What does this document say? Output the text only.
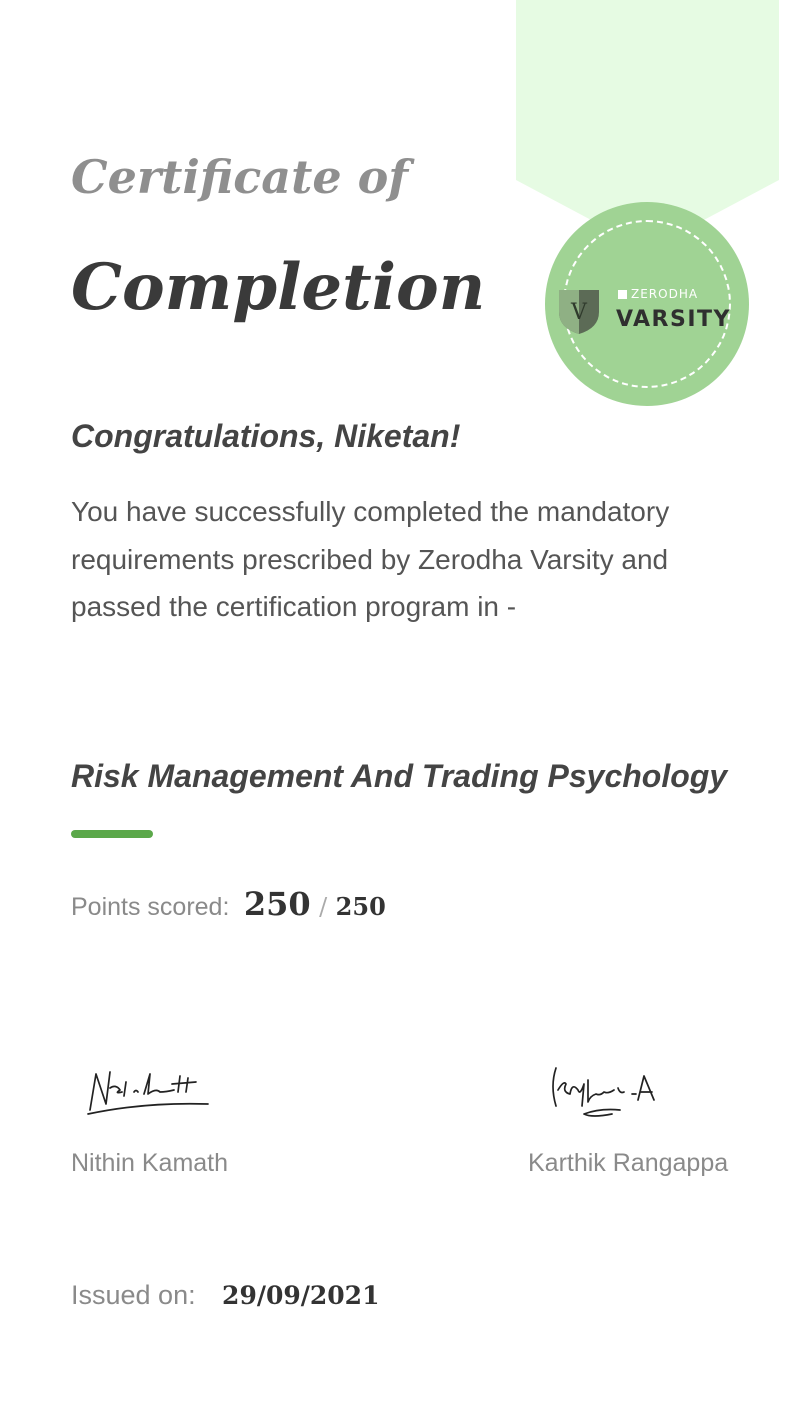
V
ZERODHA
VARSITY
Certificate of
Completion

Congratulations, Niketan!

You have successfully completed the mandatory requirements prescribed by Zerodha Varsity and passed the certification program in -

Risk Management And Trading Psychology

Points scored: 250 / 250
Nithin Kamath	Karthik Rangappa
Issued on: 29/09/2021
